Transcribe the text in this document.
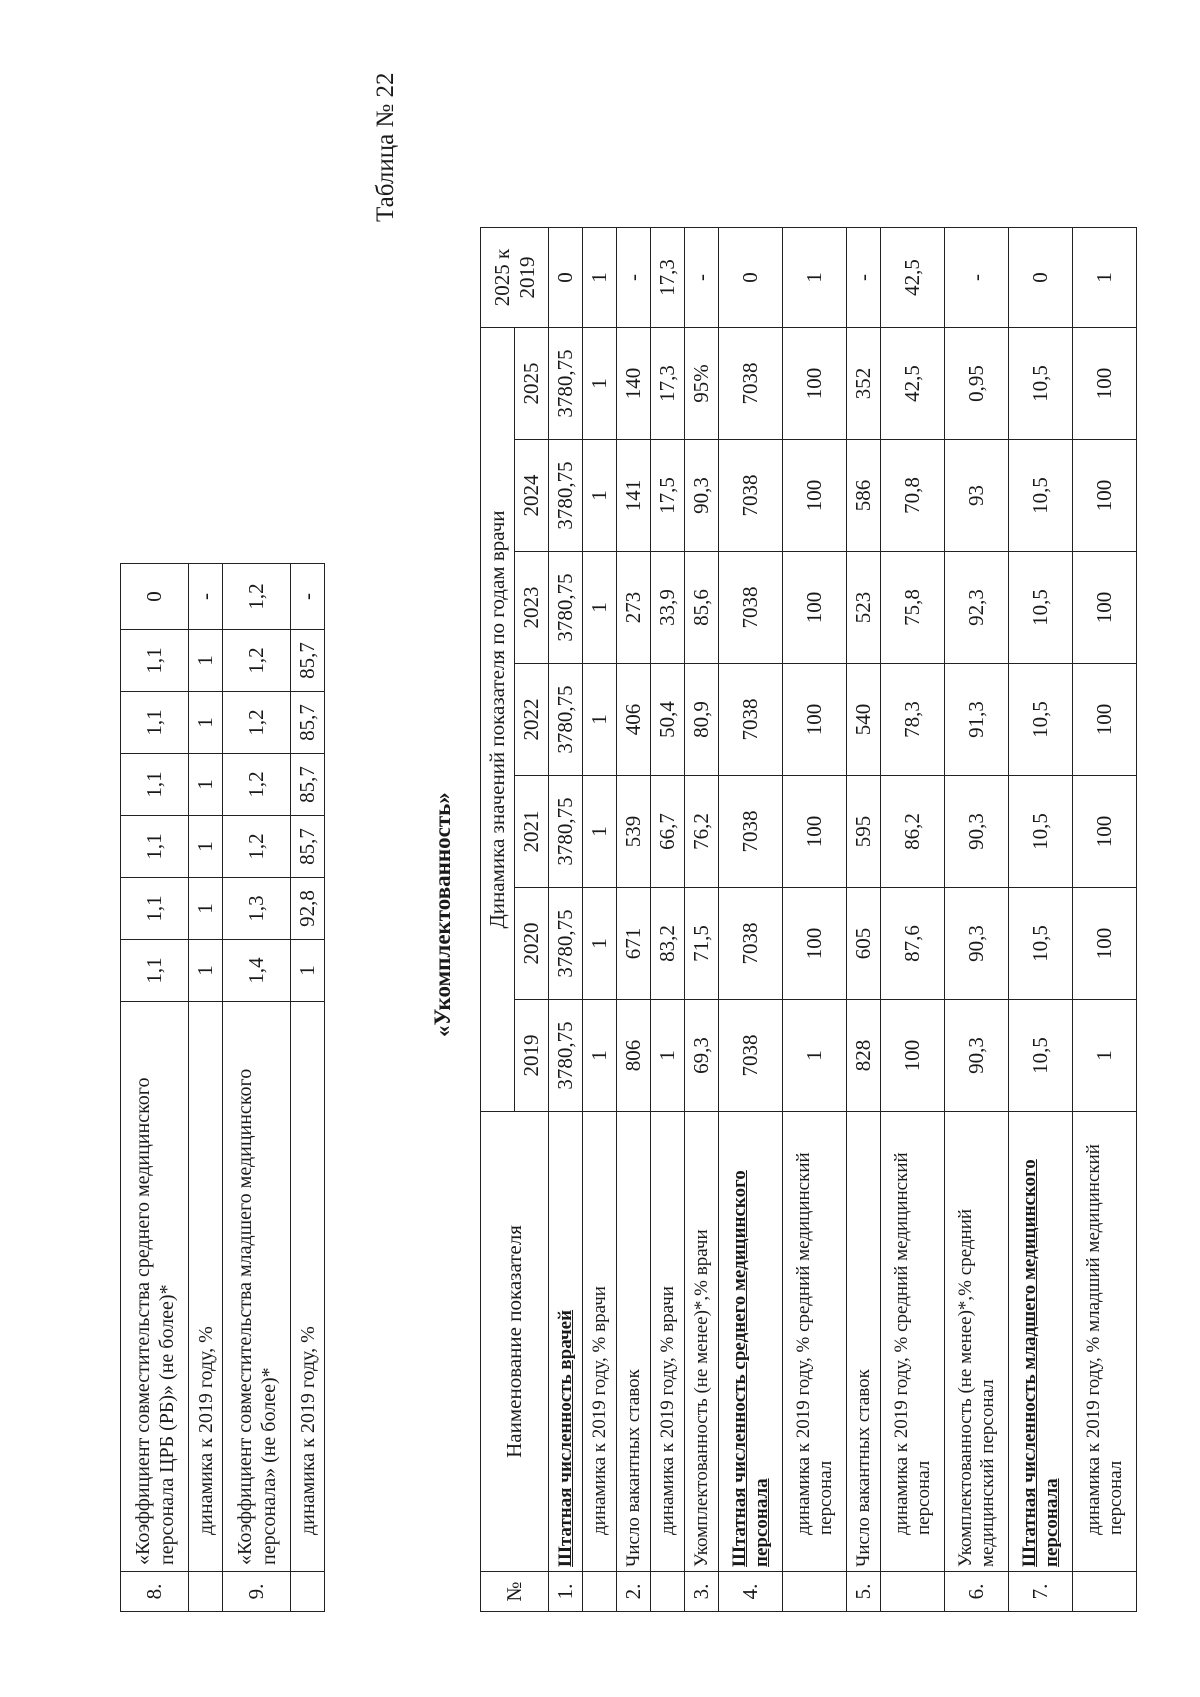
8.	«Коэффициент совместительства среднего медицинского персонала ЦРБ (РБ)» (не более)*	1,1	1,1	1,1	1,1	1,1	1,1	0
	динамика к 2019 году, %	1	1	1	1	1	1	-
9.	«Коэффициент совместительства младшего медицинского персонала» (не более)*	1,4	1,3	1,2	1,2	1,2	1,2	1,2
	динамика к 2019 году, %	1	92,8	85,7	85,7	85,7	85,7	-
Таблица № 22
«Укомплектованность»
№	Наименование показателя	Динамика значений показателя по годам врачи							2025 к 2019
		2019	2020	2021	2022	2023	2024	2025	
1.	Штатная численность врачей	3780,75	3780,75	3780,75	3780,75	3780,75	3780,75	3780,75	0
	динамика к 2019 году, % врачи	1	1	1	1	1	1	1	1
2.	Число вакантных ставок	806	671	539	406	273	141	140	-
	динамика к 2019 году, % врачи	1	83,2	66,7	50,4	33,9	17,5	17,3	17,3
3.	Укомплектованность (не менее)*,% врачи	69,3	71,5	76,2	80,9	85,6	90,3	95%	-
4.	Штатная численность среднего медицинского персонала	7038	7038	7038	7038	7038	7038	7038	0
	динамика к 2019 году, % средний медицинский персонал	1	100	100	100	100	100	100	1
5.	Число вакантных ставок	828	605	595	540	523	586	352	-
	динамика к 2019 году, % средний медицинский персонал	100	87,6	86,2	78,3	75,8	70,8	42,5	42,5
6.	Укомплектованность (не менее)*,% средний медицинский персонал	90,3	90,3	90,3	91,3	92,3	93	0,95	-
7.	Штатная численность младшего медицинского персонала	10,5	10,5	10,5	10,5	10,5	10,5	10,5	0
	динамика к 2019 году, % младший медицинский персонал	1	100	100	100	100	100	100	1
